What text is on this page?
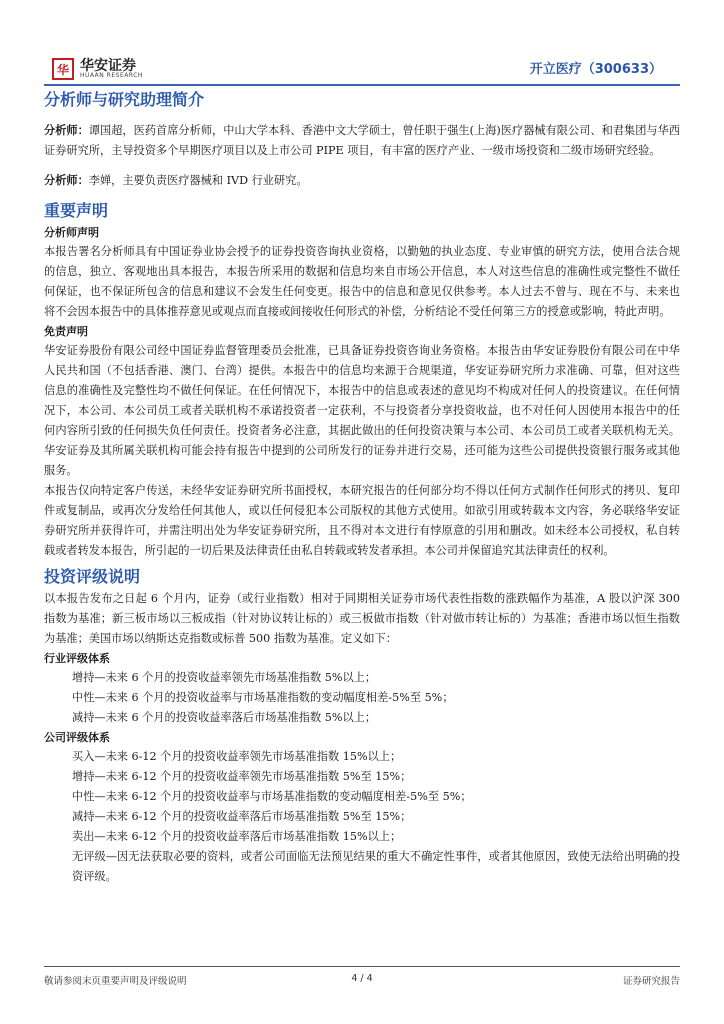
华 华安证券
HUAAN RESEARCH	开立医疗（300633）
分析师与研究助理简介

分析师：谭国超，医药首席分析师，中山大学本科、香港中文大学硕士，曾任职于强生(上海)医疗器械有限公司、和君集团与华西证券研究所，主导投资多个早期医疗项目以及上市公司 PIPE 项目，有丰富的医疗产业、一级市场投资和二级市场研究经验。

分析师：李婵，主要负责医疗器械和 IVD 行业研究。

重要声明
分析师声明

本报告署名分析师具有中国证券业协会授予的证券投资咨询执业资格，以勤勉的执业态度、专业审慎的研究方法，使用合法合规的信息，独立、客观地出具本报告，本报告所采用的数据和信息均来自市场公开信息，本人对这些信息的准确性或完整性不做任何保证，也不保证所包含的信息和建议不会发生任何变更。报告中的信息和意见仅供参考。本人过去不曾与、现在不与、未来也将不会因本报告中的具体推荐意见或观点而直接或间接收任何形式的补偿，分析结论不受任何第三方的授意或影响，特此声明。

免责声明

华安证券股份有限公司经中国证券监督管理委员会批准，已具备证券投资咨询业务资格。本报告由华安证券股份有限公司在中华人民共和国（不包括香港、澳门、台湾）提供。本报告中的信息均来源于合规渠道，华安证券研究所力求准确、可靠，但对这些信息的准确性及完整性均不做任何保证。在任何情况下，本报告中的信息或表述的意见均不构成对任何人的投资建议。在任何情况下，本公司、本公司员工或者关联机构不承诺投资者一定获利，不与投资者分享投资收益，也不对任何人因使用本报告中的任何内容所引致的任何损失负任何责任。投资者务必注意，其据此做出的任何投资决策与本公司、本公司员工或者关联机构无关。华安证券及其所属关联机构可能会持有报告中提到的公司所发行的证券并进行交易，还可能为这些公司提供投资银行服务或其他服务。

本报告仅向特定客户传送，未经华安证券研究所书面授权，本研究报告的任何部分均不得以任何方式制作任何形式的拷贝、复印件或复制品，或再次分发给任何其他人，或以任何侵犯本公司版权的其他方式使用。如欲引用或转载本文内容，务必联络华安证券研究所并获得许可，并需注明出处为华安证券研究所，且不得对本文进行有悖原意的引用和删改。如未经本公司授权，私自转载或者转发本报告，所引起的一切后果及法律责任由私自转载或转发者承担。本公司并保留追究其法律责任的权利。

投资评级说明

以本报告发布之日起 6 个月内，证券（或行业指数）相对于同期相关证券市场代表性指数的涨跌幅作为基准，A 股以沪深 300 指数为基准；新三板市场以三板成指（针对协议转让标的）或三板做市指数（针对做市转让标的）为基准；香港市场以恒生指数为基准；美国市场以纳斯达克指数或标普 500 指数为基准。定义如下：

行业评级体系

增持—未来 6 个月的投资收益率领先市场基准指数 5%以上；

中性—未来 6 个月的投资收益率与市场基准指数的变动幅度相差-5%至 5%；

减持—未来 6 个月的投资收益率落后市场基准指数 5%以上；

公司评级体系

买入—未来 6-12 个月的投资收益率领先市场基准指数 15%以上；

增持—未来 6-12 个月的投资收益率领先市场基准指数 5%至 15%；

中性—未来 6-12 个月的投资收益率与市场基准指数的变动幅度相差-5%至 5%；

减持—未来 6-12 个月的投资收益率落后市场基准指数 5%至 15%；

卖出—未来 6-12 个月的投资收益率落后市场基准指数 15%以上；

无评级—因无法获取必要的资料，或者公司面临无法预见结果的重大不确定性事件，或者其他原因，致使无法给出明确的投资评级。

敬请参阅末页重要声明及评级说明	4 / 4	证券研究报告
